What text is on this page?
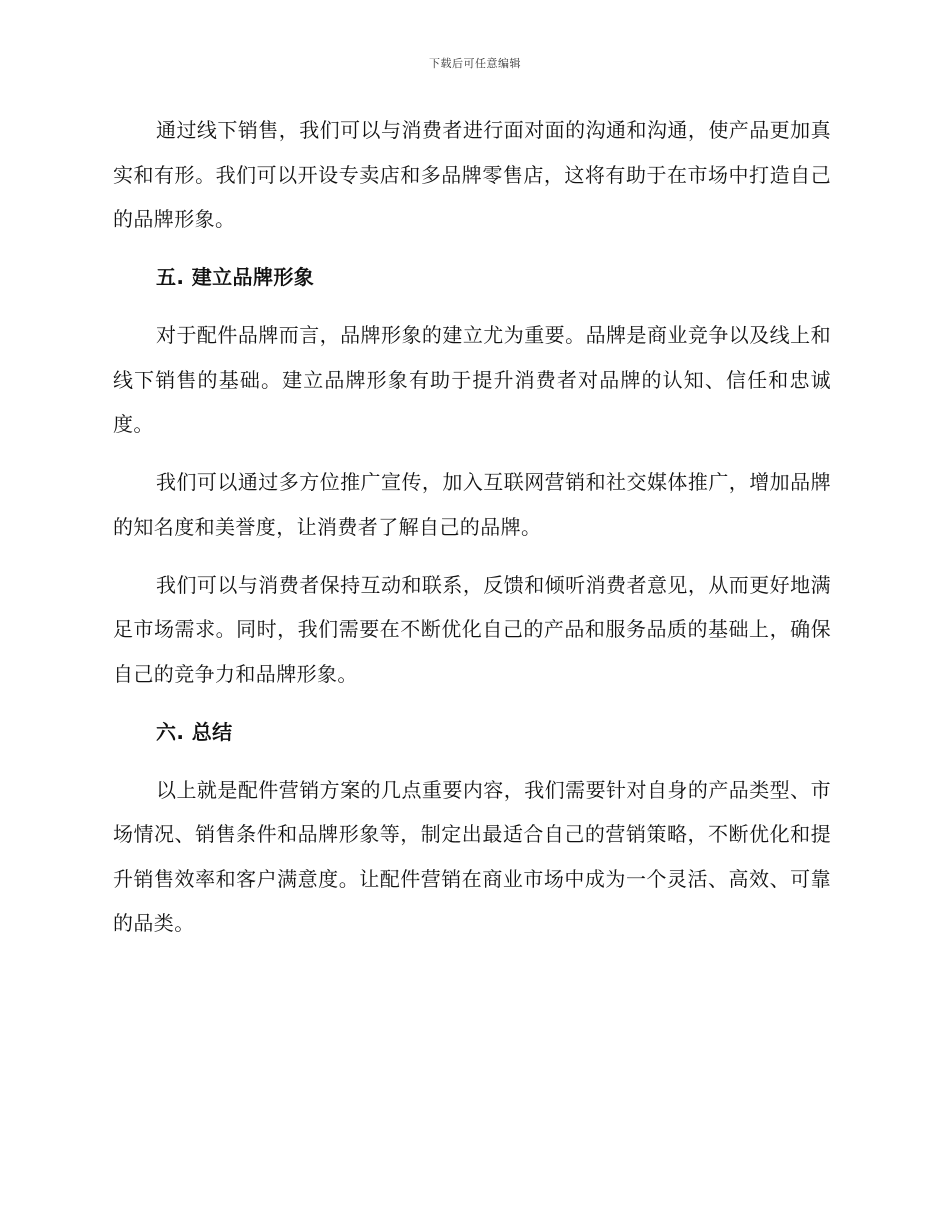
下载后可任意编辑

通过线下销售，我们可以与消费者进行面对面的沟通和沟通，使产品更加真实和有形。我们可以开设专卖店和多品牌零售店，这将有助于在市场中打造自己的品牌形象。

五. 建立品牌形象

对于配件品牌而言，品牌形象的建立尤为重要。品牌是商业竞争以及线上和线下销售的基础。建立品牌形象有助于提升消费者对品牌的认知、信任和忠诚度。

我们可以通过多方位推广宣传，加入互联网营销和社交媒体推广，增加品牌的知名度和美誉度，让消费者了解自己的品牌。

我们可以与消费者保持互动和联系，反馈和倾听消费者意见，从而更好地满足市场需求。同时，我们需要在不断优化自己的产品和服务品质的基础上，确保自己的竞争力和品牌形象。

六. 总结

以上就是配件营销方案的几点重要内容，我们需要针对自身的产品类型、市场情况、销售条件和品牌形象等，制定出最适合自己的营销策略，不断优化和提升销售效率和客户满意度。让配件营销在商业市场中成为一个灵活、高效、可靠的品类。
